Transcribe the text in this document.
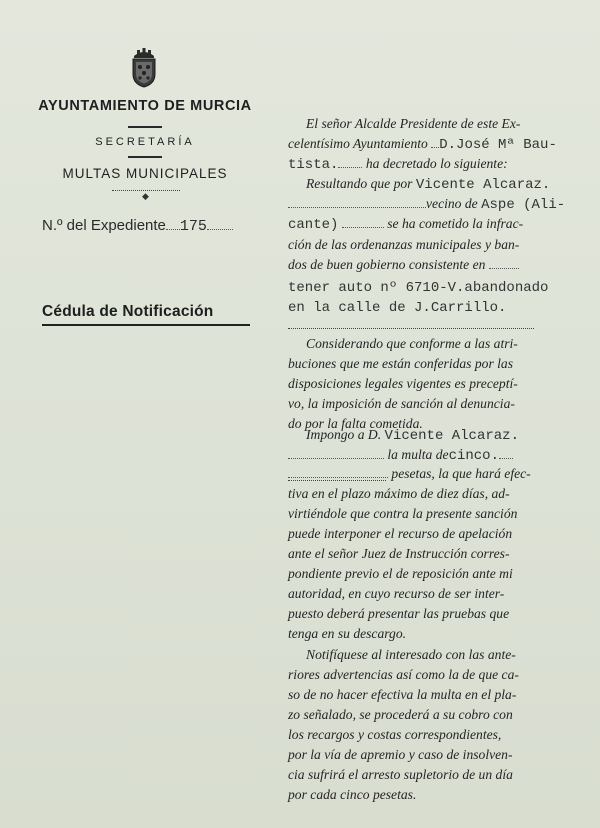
AYUNTAMIENTO DE MURCIA
SECRETARÍA
MULTAS MUNICIPALES
◆
N.º del Expediente 175
Cédula de Notificación
El señor Alcalde Presidente de este Ex-
celentísimo Ayuntamiento D.José Mª Bau-
tista. ha decretado lo siguiente:
Resultando que por Vicente Alcaraz.
vecino de Aspe (Ali-
cante)	se ha cometido la infrac-
ción de las ordenanzas municipales y ban-
dos de buen gobierno consistente en
tener auto nº 6710-V.abandonado
en la calle de J.Carrillo.
Considerando que conforme a las atri-
buciones que me están conferidas por las
disposiciones legales vigentes es preceptí-
vo, la imposición de sanción al denuncia-
do por la falta cometida.
Impongo a D. Vicente Alcaraz.
la multa decinco.
pesetas, la que hará efec-
tiva en el plazo máximo de diez días, ad-
virtiéndole que contra la presente sanción
puede interponer el recurso de apelación
ante el señor Juez de Instrucción corres-
pondiente previo el de reposición ante mi
autoridad, en cuyo recurso de ser inter-
puesto deberá presentar las pruebas que
tenga en su descargo.
Notifíquese al interesado con las ante-
riores advertencias así como la de que ca-
so de no hacer efectiva la multa en el pla-
zo señalado, se procederá a su cobro con
los recargos y costas correspondientes,
por la vía de apremio y caso de insolven-
cia sufrirá el arresto supletorio de un día
por cada cinco pesetas.
